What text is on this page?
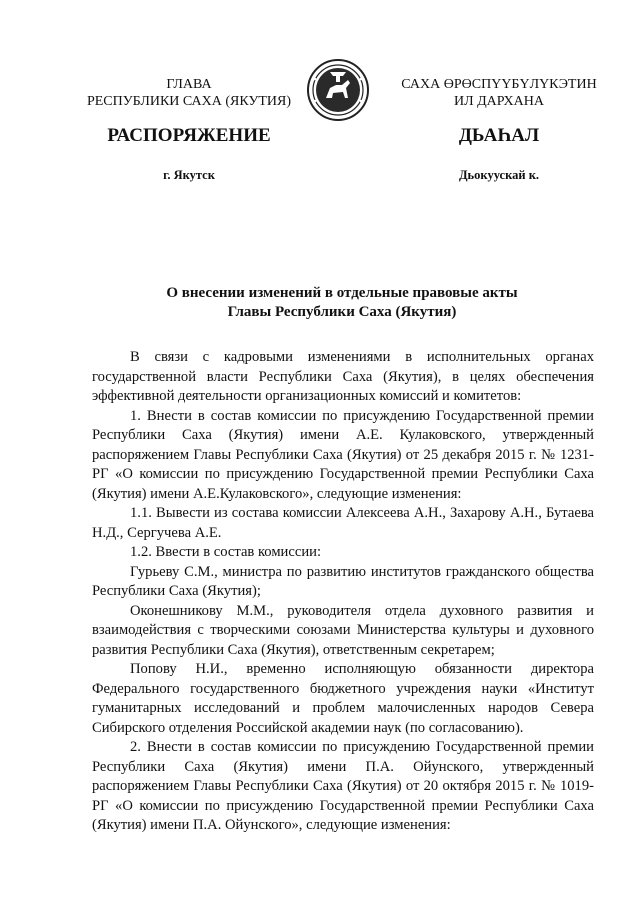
ГЛАВА
РЕСПУБЛИКИ САХА (ЯКУТИЯ)
САХА ӨРӨСПҮҮБҮЛҮКЭТИН
ИЛ ДАРХАНА
РАСПОРЯЖЕНИЕ	ДЬАҺАЛ
г. Якутск	Дьокуускай к.
О внесении изменений в отдельные правовые акты
Главы Республики Саха (Якутия)

В связи с кадровыми изменениями в исполнительных органах государственной власти Республики Саха (Якутия), в целях обеспечения эффективной деятельности организационных комиссий и комитетов:

1. Внести в состав комиссии по присуждению Государственной премии Республики Саха (Якутия) имени А.Е. Кулаковского, утвержденный распоряжением Главы Республики Саха (Якутия) от 25 декабря 2015 г. № 1231-РГ «О комиссии по присуждению Государственной премии Республики Саха (Якутия) имени А.Е.Кулаковского», следующие изменения:

1.1. Вывести из состава комиссии Алексеева А.Н., Захарову А.Н., Бутаева Н.Д., Сергучева А.Е.

1.2. Ввести в состав комиссии:

Гурьеву С.М., министра по развитию институтов гражданского общества Республики Саха (Якутия);

Оконешникову М.М., руководителя отдела духовного развития и взаимодействия с творческими союзами Министерства культуры и духовного развития Республики Саха (Якутия), ответственным секретарем;

Попову Н.И., временно исполняющую обязанности директора Федерального государственного бюджетного учреждения науки «Институт гуманитарных исследований и проблем малочисленных народов Севера Сибирского отделения Российской академии наук (по согласованию).

2. Внести в состав комиссии по присуждению Государственной премии Республики Саха (Якутия) имени П.А. Ойунского, утвержденный распоряжением Главы Республики Саха (Якутия) от 20 октября 2015 г. № 1019-РГ «О комиссии по присуждению Государственной премии Республики Саха (Якутия) имени П.А. Ойунского», следующие изменения:
